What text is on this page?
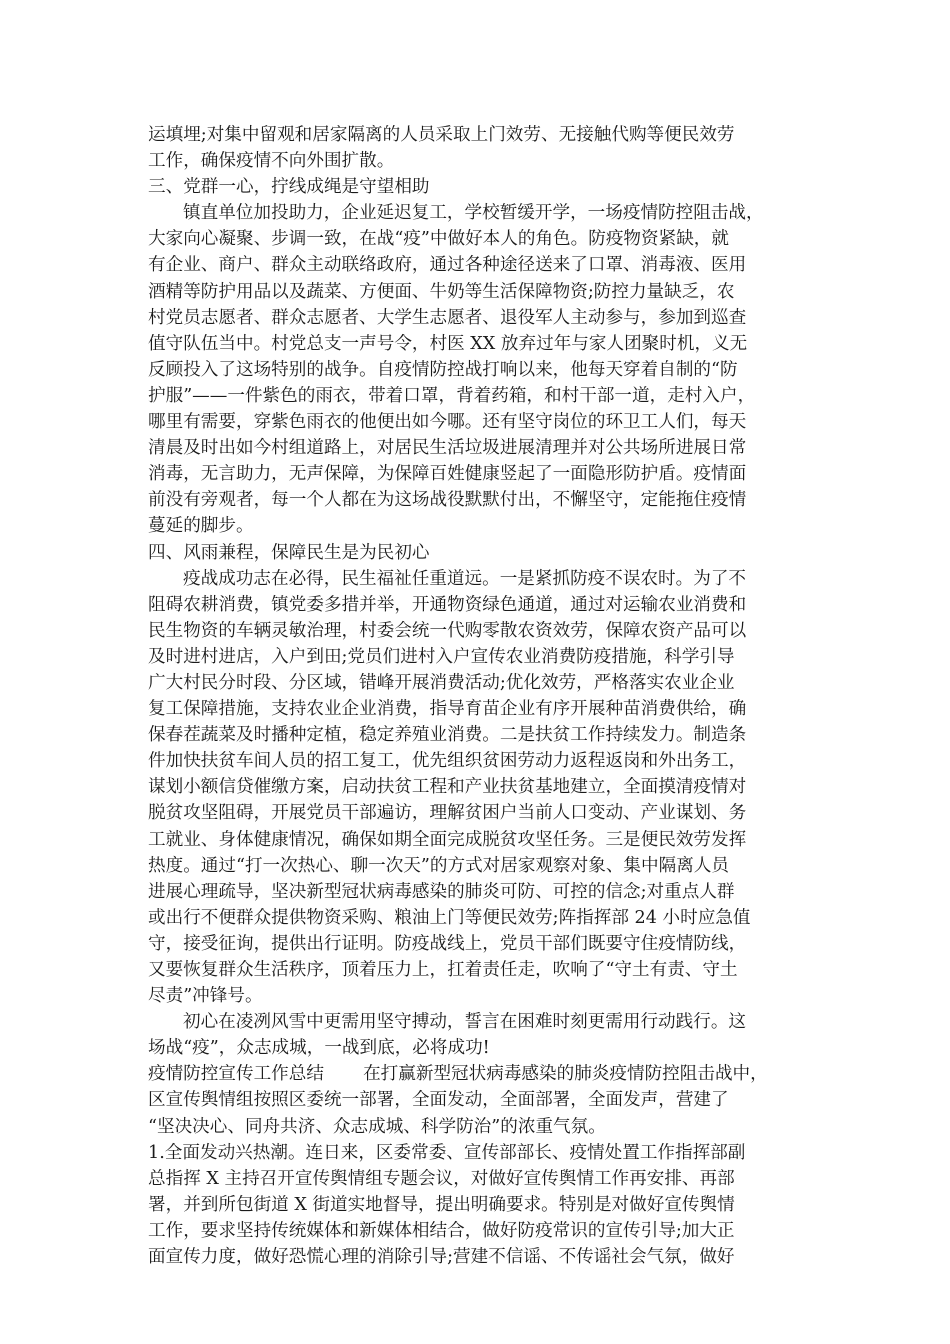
运填埋;对集中留观和居家隔离的人员采取上门效劳、无接触代购等便民效劳
工作，确保疫情不向外围扩散。
三、党群一心，拧线成绳是守望相助
镇直单位加投助力，企业延迟复工，学校暂缓开学，一场疫情防控阻击战，
大家向心凝聚、步调一致，在战“疫”中做好本人的角色。防疫物资紧缺，就
有企业、商户、群众主动联络政府，通过各种途径送来了口罩、消毒液、医用
酒精等防护用品以及蔬菜、方便面、牛奶等生活保障物资;防控力量缺乏，农
村党员志愿者、群众志愿者、大学生志愿者、退役军人主动参与，参加到巡查
值守队伍当中。村党总支一声号令，村医 XX 放弃过年与家人团聚时机，义无
反顾投入了这场特别的战争。自疫情防控战打响以来，他每天穿着自制的“防
护服”——一件紫色的雨衣，带着口罩，背着药箱，和村干部一道，走村入户，
哪里有需要，穿紫色雨衣的他便出如今哪。还有坚守岗位的环卫工人们，每天
清晨及时出如今村组道路上，对居民生活垃圾进展清理并对公共场所进展日常
消毒，无言助力，无声保障，为保障百姓健康竖起了一面隐形防护盾。疫情面
前没有旁观者，每一个人都在为这场战役默默付出，不懈坚守，定能拖住疫情
蔓延的脚步。
四、风雨兼程，保障民生是为民初心
疫战成功志在必得，民生福祉任重道远。一是紧抓防疫不误农时。为了不
阻碍农耕消费，镇党委多措并举，开通物资绿色通道，通过对运输农业消费和
民生物资的车辆灵敏治理，村委会统一代购零散农资效劳，保障农资产品可以
及时进村进店，入户到田;党员们进村入户宣传农业消费防疫措施，科学引导
广大村民分时段、分区域，错峰开展消费活动;优化效劳，严格落实农业企业
复工保障措施，支持农业企业消费，指导育苗企业有序开展种苗消费供给，确
保春茬蔬菜及时播种定植，稳定养殖业消费。二是扶贫工作持续发力。制造条
件加快扶贫车间人员的招工复工，优先组织贫困劳动力返程返岗和外出务工，
谋划小额信贷催缴方案，启动扶贫工程和产业扶贫基地建立，全面摸清疫情对
脱贫攻坚阻碍，开展党员干部遍访，理解贫困户当前人口变动、产业谋划、务
工就业、身体健康情况，确保如期全面完成脱贫攻坚任务。三是便民效劳发挥
热度。通过“打一次热心、聊一次天”的方式对居家观察对象、集中隔离人员
进展心理疏导，坚决新型冠状病毒感染的肺炎可防、可控的信念;对重点人群
或出行不便群众提供物资采购、粮油上门等便民效劳;阵指挥部 24 小时应急值
守，接受征询，提供出行证明。防疫战线上，党员干部们既要守住疫情防线，
又要恢复群众生活秩序，顶着压力上，扛着责任走，吹响了“守土有责、守土
尽责”冲锋号。
初心在凌冽风雪中更需用坚守搏动，誓言在困难时刻更需用行动践行。这
场战“疫”，众志成城，一战到底，必将成功!
疫情防控宣传工作总结       在打赢新型冠状病毒感染的肺炎疫情防控阻击战中，
区宣传舆情组按照区委统一部署，全面发动，全面部署，全面发声，营建了
“坚决决心、同舟共济、众志成城、科学防治”的浓重气氛。
1.全面发动兴热潮。连日来，区委常委、宣传部部长、疫情处置工作指挥部副
总指挥 X 主持召开宣传舆情组专题会议，对做好宣传舆情工作再安排、再部
署，并到所包街道 X 街道实地督导，提出明确要求。特别是对做好宣传舆情
工作，要求坚持传统媒体和新媒体相结合，做好防疫常识的宣传引导;加大正
面宣传力度，做好恐慌心理的消除引导;营建不信谣、不传谣社会气氛，做好
